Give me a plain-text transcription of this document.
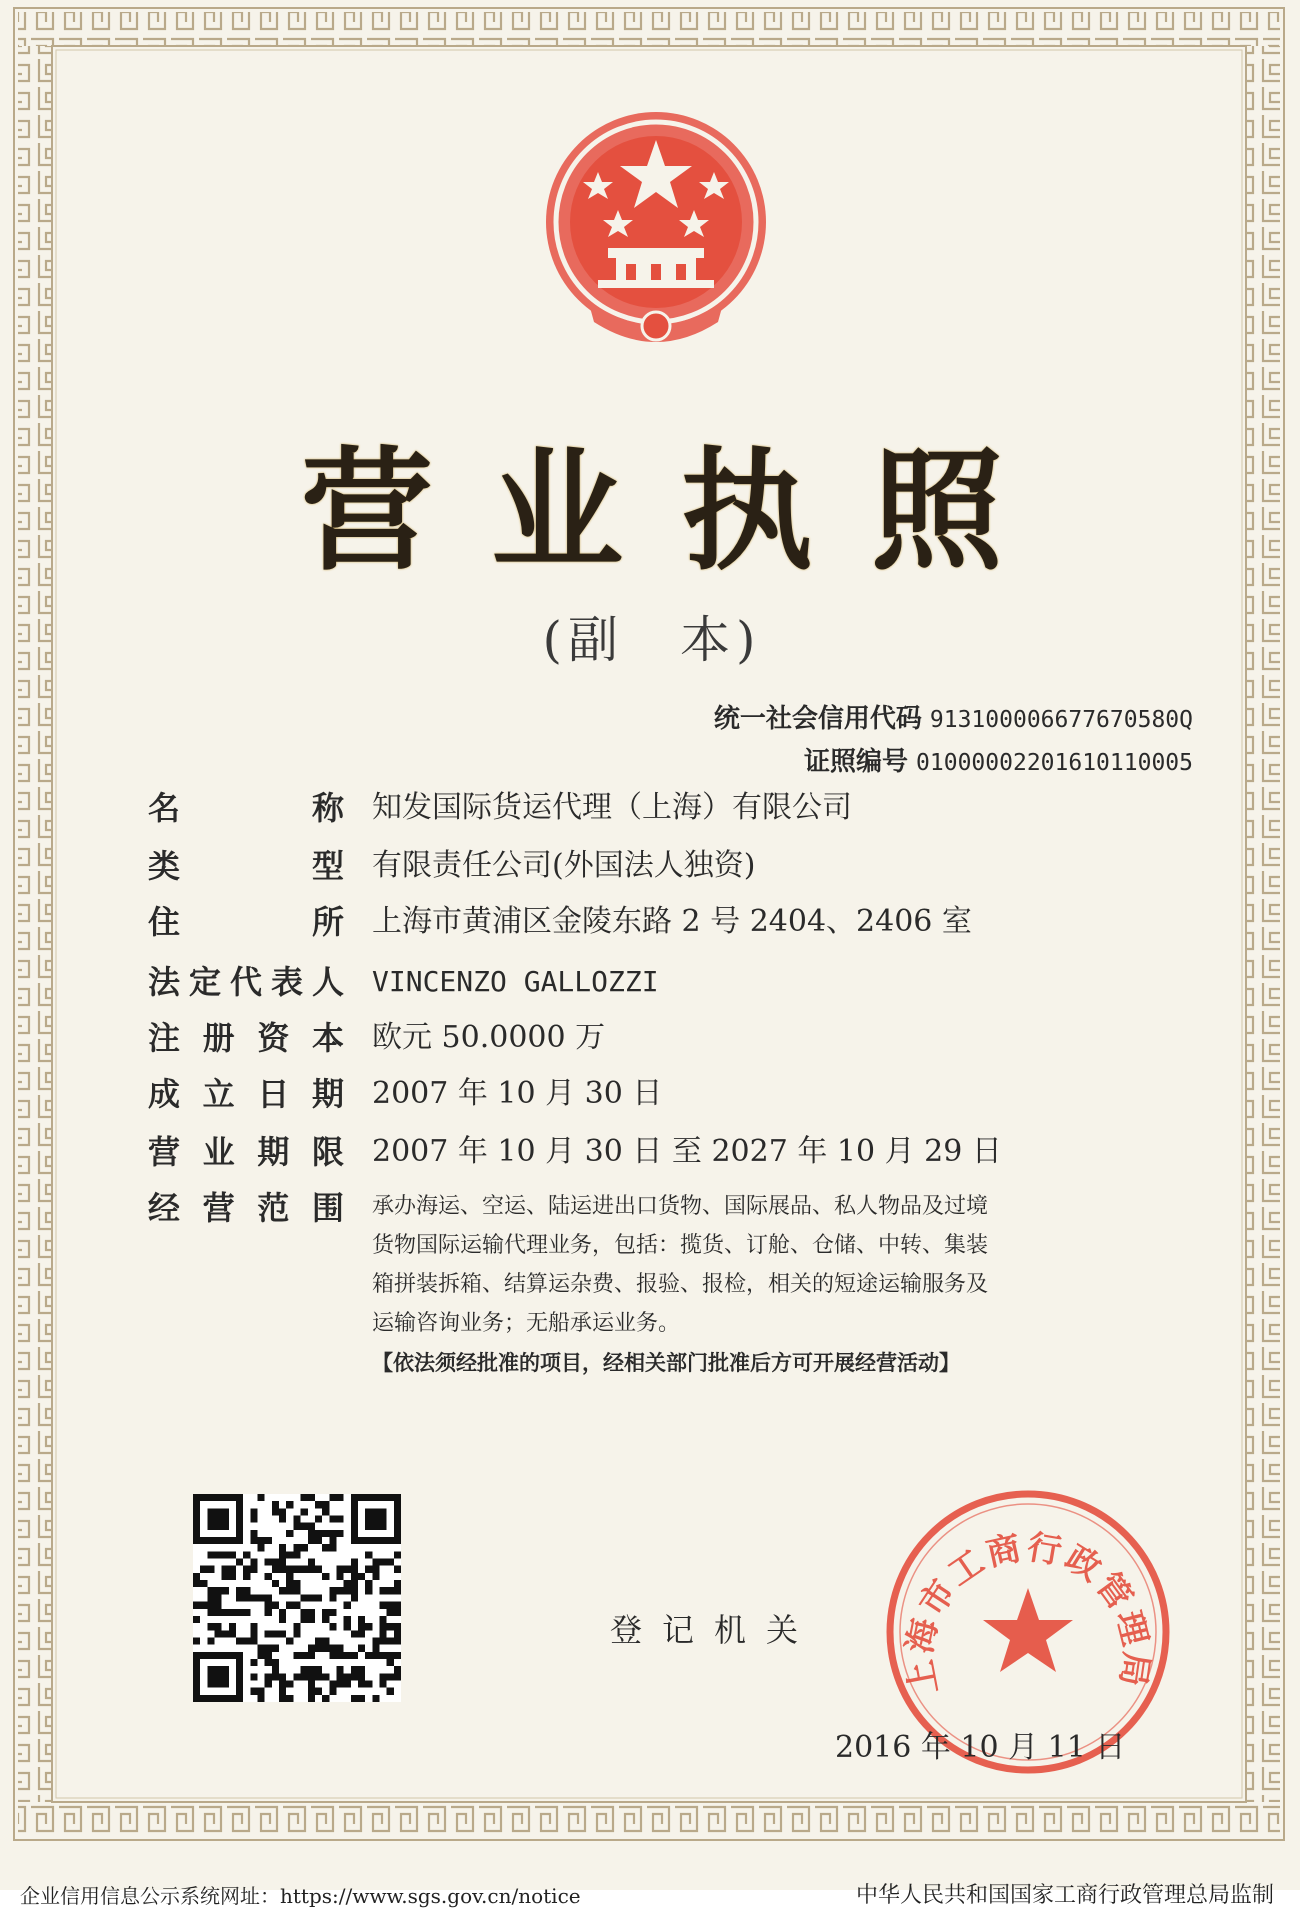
营业执照
(副　本)
统一社会信用代码 913100006677670580Q
证照编号 01000002201610110005
名	称 知发国际货运代理（上海）有限公司
类	型 有限责任公司(外国法人独资)
住	所 上海市黄浦区金陵东路 2 号 2404、2406 室
法 定 代 表 人 VINCENZO GALLOZZI
注 册 资 本 欧元 50.0000 万
成 立 日 期 2007 年 10 月 30 日
营 业 期 限 2007 年 10 月 30 日 至 2027 年 10 月 29 日
经 营 范 围 承办海运、空运、陆运进出口货物、国际展品、私人物品及过境

货物国际运输代理业务，包括：揽货、订舱、仓储、中转、集装

箱拼装拆箱、结算运杂费、报验、报检，相关的短途运输服务及

运输咨询业务；无船承运业务。

【依法须经批准的项目，经相关部门批准后方可开展经营活动】
登记机关
上海市工商行政管理局
2016 年 10 月 11 日
企业信用信息公示系统网址：https://www.sgs.gov.cn/notice	中华人民共和国国家工商行政管理总局监制
